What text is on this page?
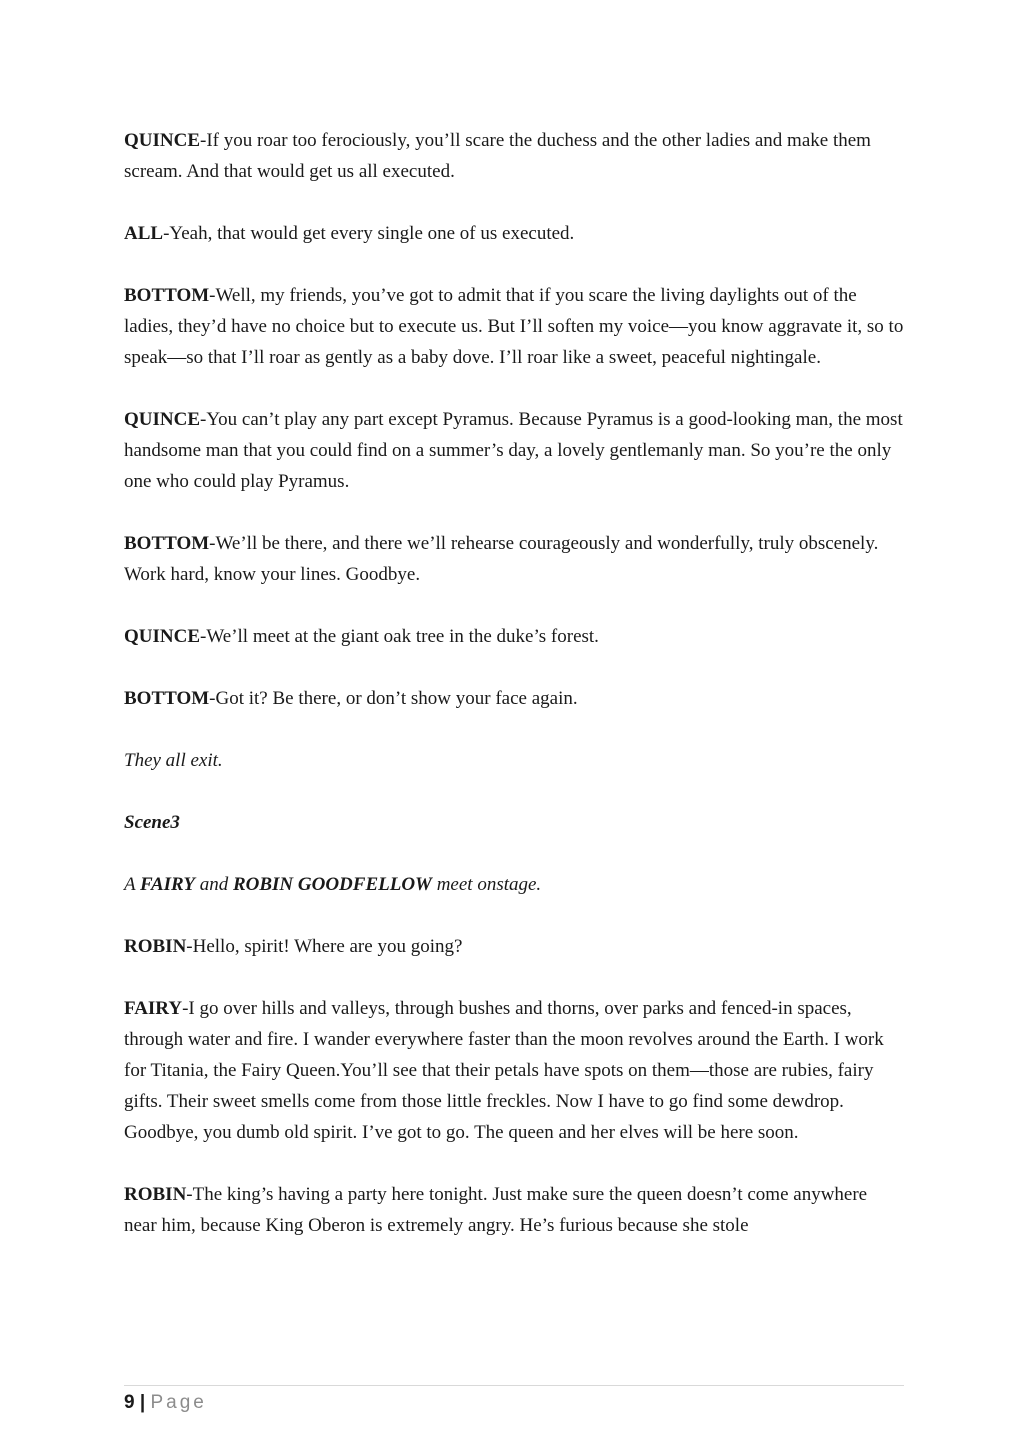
QUINCE-If you roar too ferociously, you’ll scare the duchess and the other ladies and make them scream. And that would get us all executed.

ALL-Yeah, that would get every single one of us executed.

BOTTOM-Well, my friends, you’ve got to admit that if you scare the living daylights out of the ladies, they’d have no choice but to execute us. But I’ll soften my voice—you know aggravate it, so to speak—so that I’ll roar as gently as a baby dove. I’ll roar like a sweet, peaceful nightingale.

QUINCE-You can’t play any part except Pyramus. Because Pyramus is a good-looking man, the most handsome man that you could find on a summer’s day, a lovely gentlemanly man. So you’re the only one who could play Pyramus.

BOTTOM-We’ll be there, and there we’ll rehearse courageously and wonderfully, truly obscenely. Work hard, know your lines. Goodbye.

QUINCE-We’ll meet at the giant oak tree in the duke’s forest.

BOTTOM-Got it? Be there, or don’t show your face again.

They all exit.

Scene3

A FAIRY and ROBIN GOODFELLOW meet onstage.

ROBIN-Hello, spirit! Where are you going?

FAIRY-I go over hills and valleys, through bushes and thorns, over parks and fenced-in spaces, through water and fire. I wander everywhere faster than the moon revolves around the Earth. I work for Titania, the Fairy Queen.You’ll see that their petals have spots on them—those are rubies, fairy gifts. Their sweet smells come from those little freckles. Now I have to go find some dewdrop. Goodbye, you dumb old spirit. I’ve got to go. The queen and her elves will be here soon.

ROBIN-The king’s having a party here tonight. Just make sure the queen doesn’t come anywhere near him, because King Oberon is extremely angry. He’s furious because she stole

9 | Page
